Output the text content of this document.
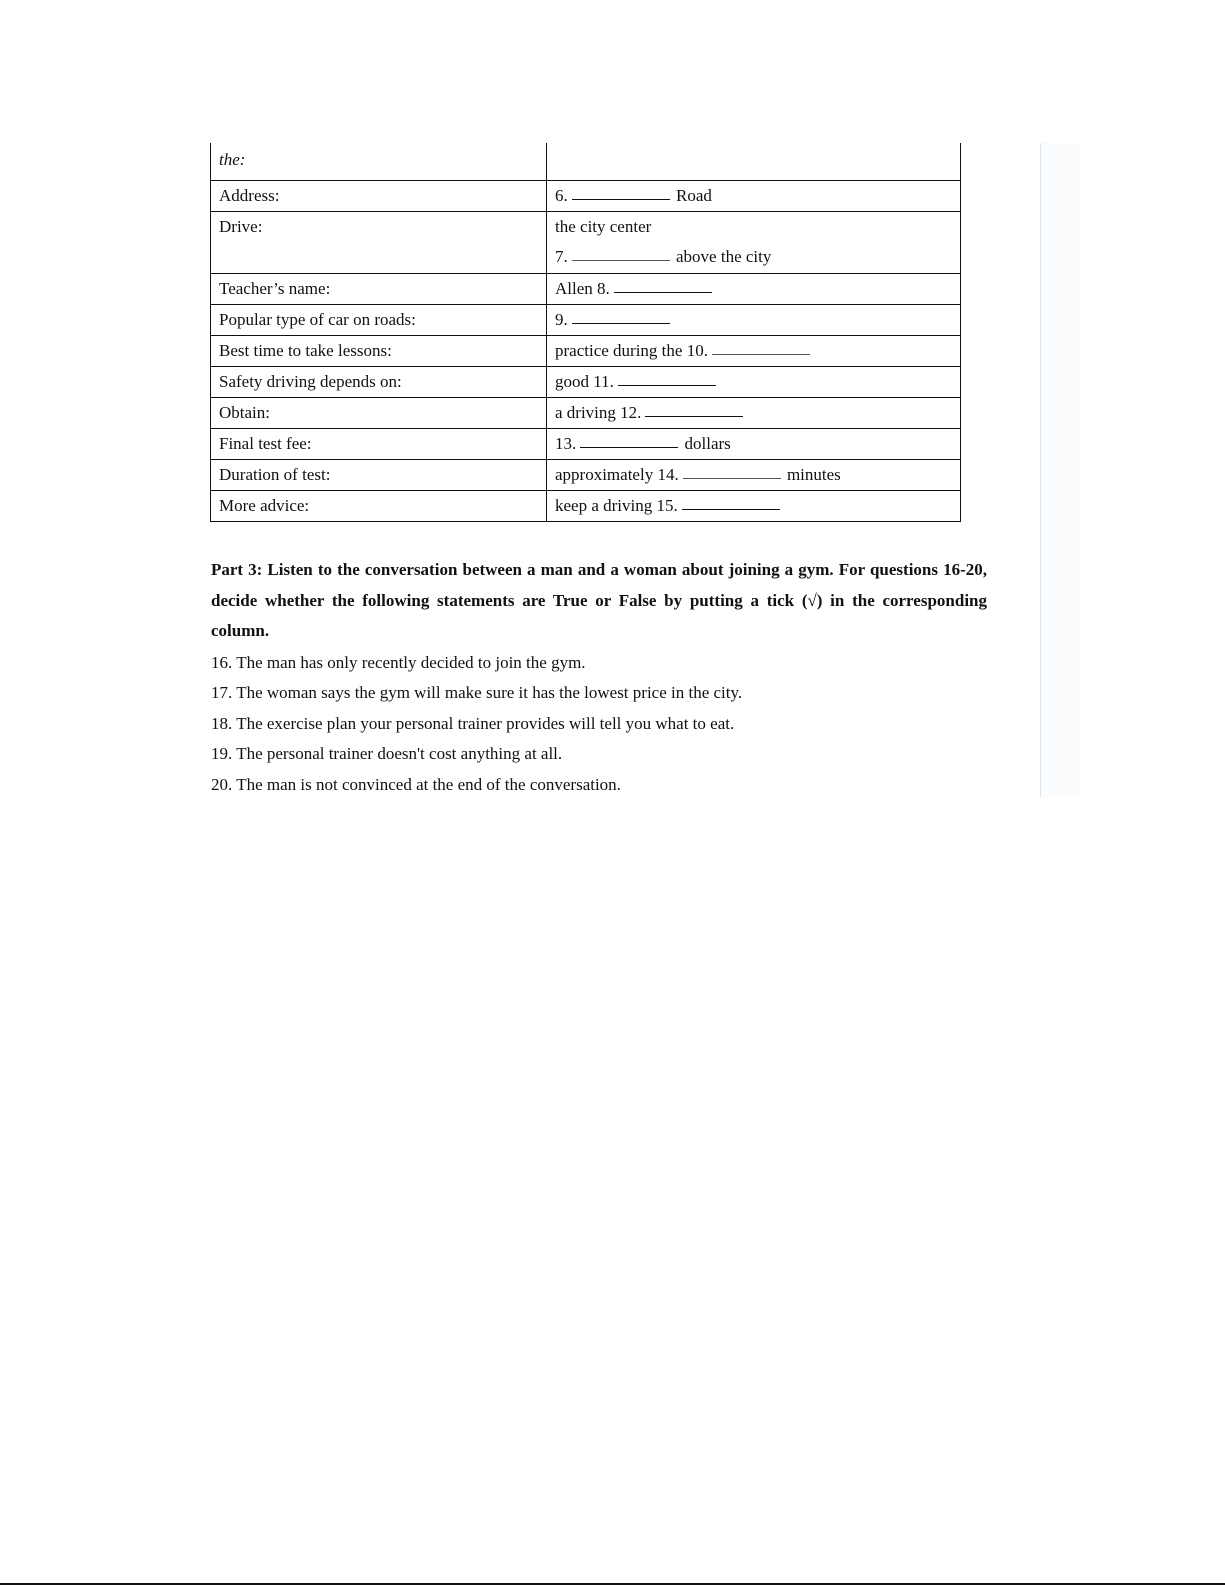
the:	
Address:	6. Road
Drive:	the city center
7. above the city

Teacher’s name:	Allen 8.
Popular type of car on roads:	9.
Best time to take lessons:	practice during the 10.
Safety driving depends on:	good 11.
Obtain:	a driving 12.
Final test fee:	13. dollars
Duration of test:	approximately 14. minutes
More advice:	keep a driving 15.
Part 3: Listen to the conversation between a man and a woman about joining a gym. For questions 16-20, decide whether the following statements are True or False by putting a tick (√) in the corresponding column.
16. The man has only recently decided to join the gym.
17. The woman says the gym will make sure it has the lowest price in the city.
18. The exercise plan your personal trainer provides will tell you what to eat.
19. The personal trainer doesn't cost anything at all.
20. The man is not convinced at the end of the conversation.
